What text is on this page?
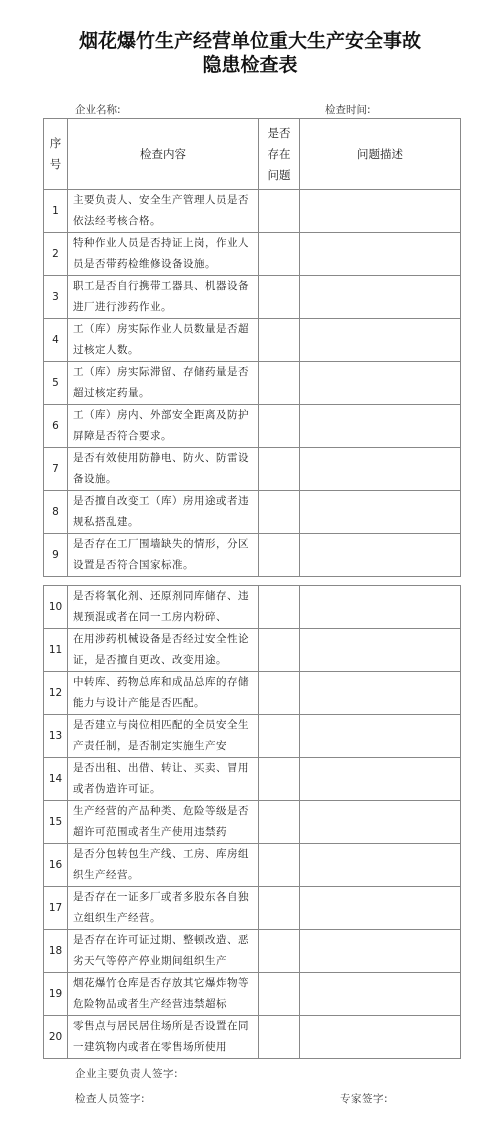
烟花爆竹生产经营单位重大生产安全事故
隐患检查表
企业名称:	检查时间:
序号	检查内容	是否存在问题	问题描述
1	主要负责人、安全生产管理人员是否依法经考核合格。		

2	特种作业人员是否持证上岗，作业人员是否带药检维修设备设施。		

3	职工是否自行携带工器具、机器设备进厂进行涉药作业。		

4	工（库）房实际作业人员数量是否超过核定人数。		

5	工（库）房实际滞留、存储药量是否超过核定药量。		

6	工（库）房内、外部安全距离及防护屏障是否符合要求。		

7	是否有效使用防静电、防火、防雷设备设施。		

8	是否擅自改变工（库）房用途或者违规私搭乱建。		

9	是否存在工厂围墙缺失的情形，分区设置是否符合国家标准。		

10	是否将氧化剂、还原剂同库储存、违规预混或者在同一工房内粉碎、		

11	在用涉药机械设备是否经过安全性论证，是否擅自更改、改变用途。		

12	中转库、药物总库和成品总库的存储能力与设计产能是否匹配。		

13	是否建立与岗位相匹配的全员安全生产责任制，是否制定实施生产安		

14	是否出租、出借、转让、买卖、冒用或者伪造许可证。		

15	生产经营的产品种类、危险等级是否超许可范围或者生产使用违禁药		

16	是否分包转包生产线、工房、库房组织生产经营。		

17	是否存在一证多厂或者多股东各自独立组织生产经营。		

18	是否存在许可证过期、整顿改造、恶劣天气等停产停业期间组织生产		

19	烟花爆竹仓库是否存放其它爆炸物等危险物品或者生产经营违禁超标		

20	零售点与居民居住场所是否设置在同一建筑物内或者在零售场所使用		

企业主要负责人签字:
检查人员签字:	专家签字:
